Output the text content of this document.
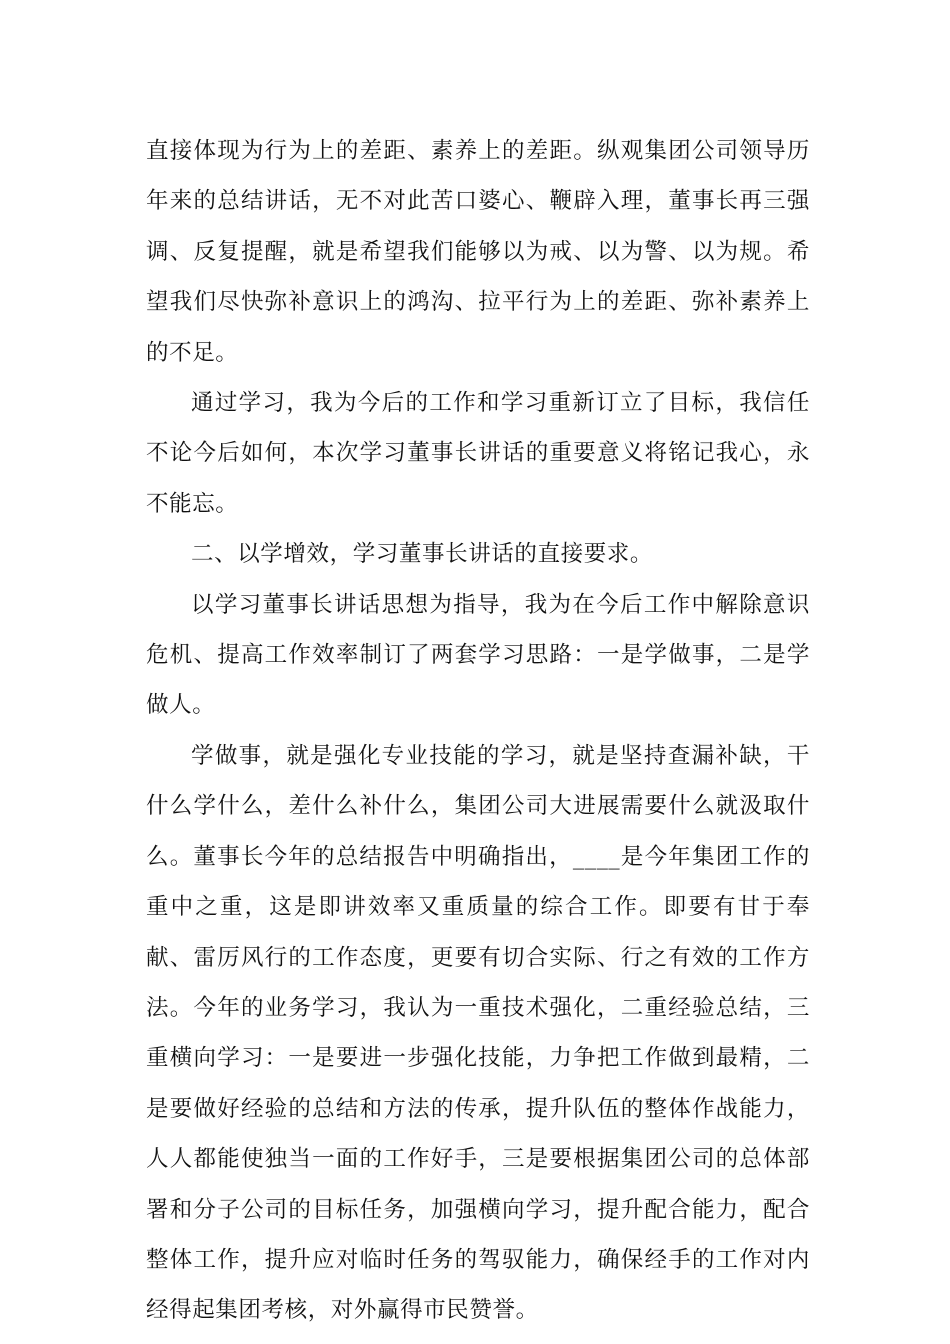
直接体现为行为上的差距、素养上的差距。纵观集团公司领导历年来的总结讲话，无不对此苦口婆心、鞭辟入理，董事长再三强调、反复提醒，就是希望我们能够以为戒、以为警、以为规。希望我们尽快弥补意识上的鸿沟、拉平行为上的差距、弥补素养上的不足。

通过学习，我为今后的工作和学习重新订立了目标，我信任不论今后如何，本次学习董事长讲话的重要意义将铭记我心，永不能忘。

二、以学增效，学习董事长讲话的直接要求。

以学习董事长讲话思想为指导，我为在今后工作中解除意识危机、提高工作效率制订了两套学习思路：一是学做事，二是学做人。

学做事，就是强化专业技能的学习，就是坚持查漏补缺，干什么学什么，差什么补什么，集团公司大进展需要什么就汲取什么。董事长今年的总结报告中明确指出，____是今年集团工作的重中之重，这是即讲效率又重质量的综合工作。即要有甘于奉献、雷厉风行的工作态度，更要有切合实际、行之有效的工作方法。今年的业务学习，我认为一重技术强化，二重经验总结，三重横向学习：一是要进一步强化技能，力争把工作做到最精，二是要做好经验的总结和方法的传承，提升队伍的整体作战能力，人人都能使独当一面的工作好手，三是要根据集团公司的总体部署和分子公司的目标任务，加强横向学习，提升配合能力，配合整体工作，提升应对临时任务的驾驭能力，确保经手的工作对内经得起集团考核，对外赢得市民赞誉。
